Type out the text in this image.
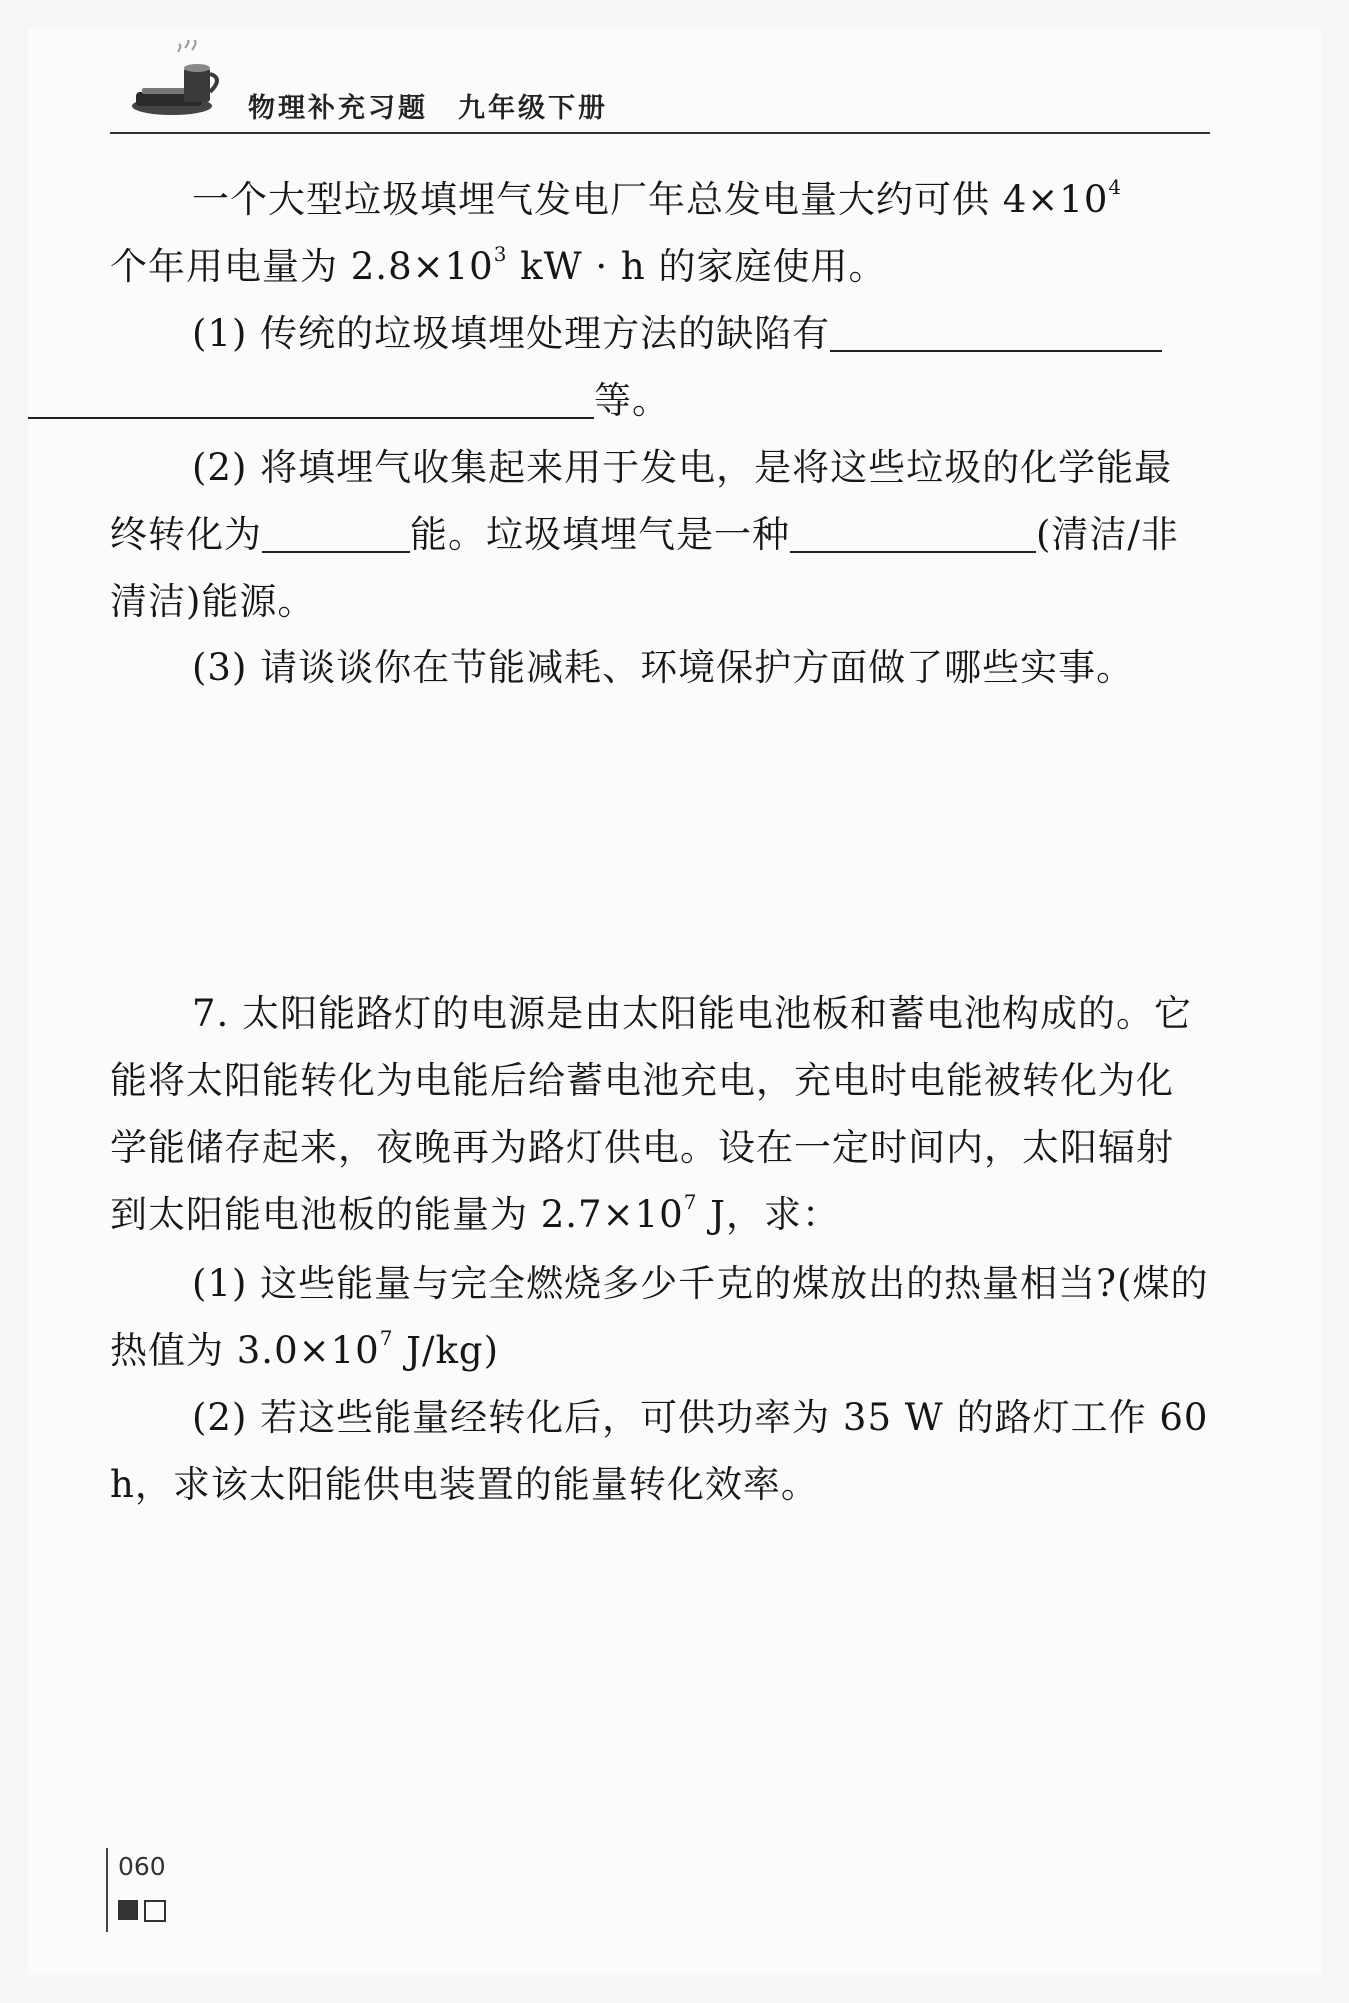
物理补充习题　九年级下册

一个大型垃圾填埋气发电厂年总发电量大约可供 $4\times 10^4$
个年用电量为 $2.8\times 10^3$ kW · h 的家庭使用。

(1) 传统的垃圾填埋处理方法的缺陷有
等。

(2) 将填埋气收集起来用于发电，是将这些垃圾的化学能最终转化为	能。垃圾填埋气是一种	(清洁/非清洁)能源。

(3) 请谈谈你在节能减耗、环境保护方面做了哪些实事。

7. 太阳能路灯的电源是由太阳能电池板和蓄电池构成的。它能将太阳能转化为电能后给蓄电池充电，充电时电能被转化为化学能储存起来，夜晚再为路灯供电。设在一定时间内，太阳辐射到太阳能电池板的能量为 $2.7\times 10^7$ J，求：

(1) 这些能量与完全燃烧多少千克的煤放出的热量相当?(煤的热值为 $3.0\times 10^7$ J/kg)

(2) 若这些能量经转化后，可供功率为 35 W 的路灯工作 60 h，求该太阳能供电装置的能量转化效率。

060
